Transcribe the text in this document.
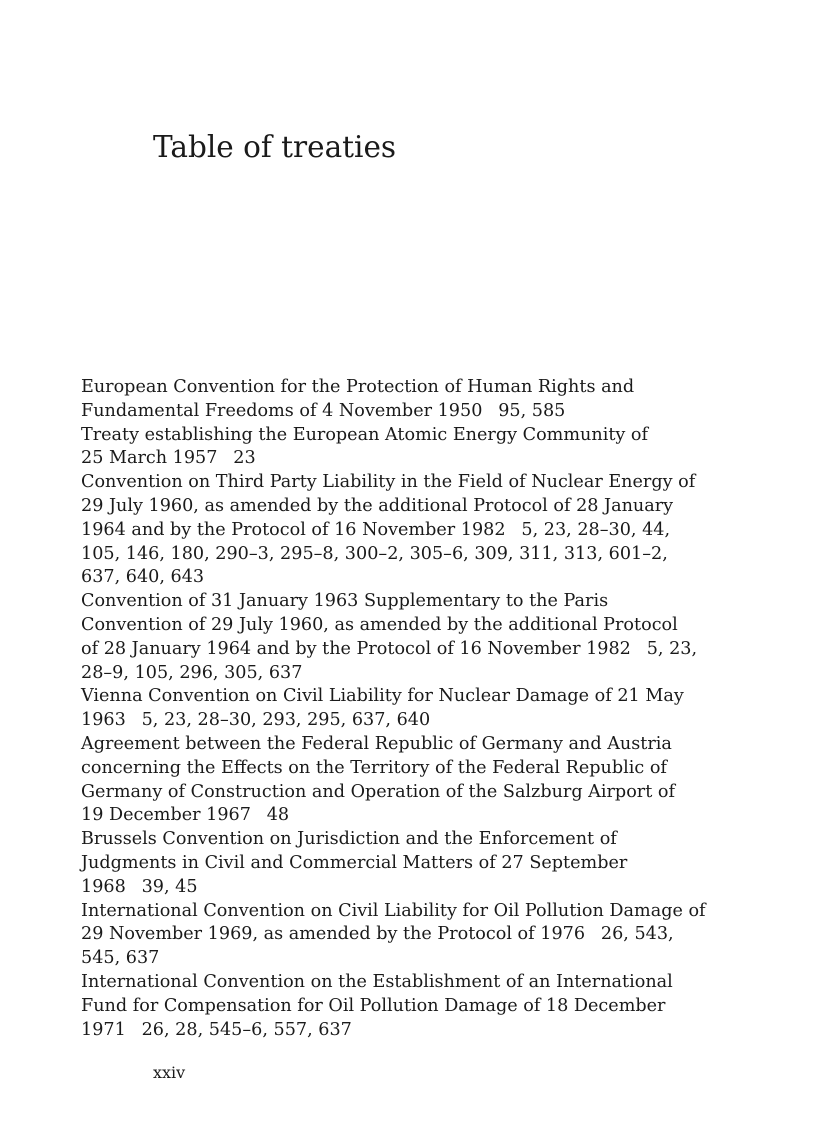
Table of treaties
European Convention for the Protection of Human Rights and
Fundamental Freedoms of 4 November 1950 95, 585
Treaty establishing the European Atomic Energy Community of
25 March 1957 23
Convention on Third Party Liability in the Field of Nuclear Energy of
29 July 1960, as amended by the additional Protocol of 28 January
1964 and by the Protocol of 16 November 1982 5, 23, 28–30, 44,
105, 146, 180, 290–3, 295–8, 300–2, 305–6, 309, 311, 313, 601–2,
637, 640, 643
Convention of 31 January 1963 Supplementary to the Paris
Convention of 29 July 1960, as amended by the additional Protocol
of 28 January 1964 and by the Protocol of 16 November 1982 5, 23,
28–9, 105, 296, 305, 637
Vienna Convention on Civil Liability for Nuclear Damage of 21 May
1963 5, 23, 28–30, 293, 295, 637, 640
Agreement between the Federal Republic of Germany and Austria
concerning the Effects on the Territory of the Federal Republic of
Germany of Construction and Operation of the Salzburg Airport of
19 December 1967 48
Brussels Convention on Jurisdiction and the Enforcement of
Judgments in Civil and Commercial Matters of 27 September
1968 39, 45
International Convention on Civil Liability for Oil Pollution Damage of
29 November 1969, as amended by the Protocol of 1976 26, 543,
545, 637
International Convention on the Establishment of an International
Fund for Compensation for Oil Pollution Damage of 18 December
1971 26, 28, 545–6, 557, 637

xxiv
